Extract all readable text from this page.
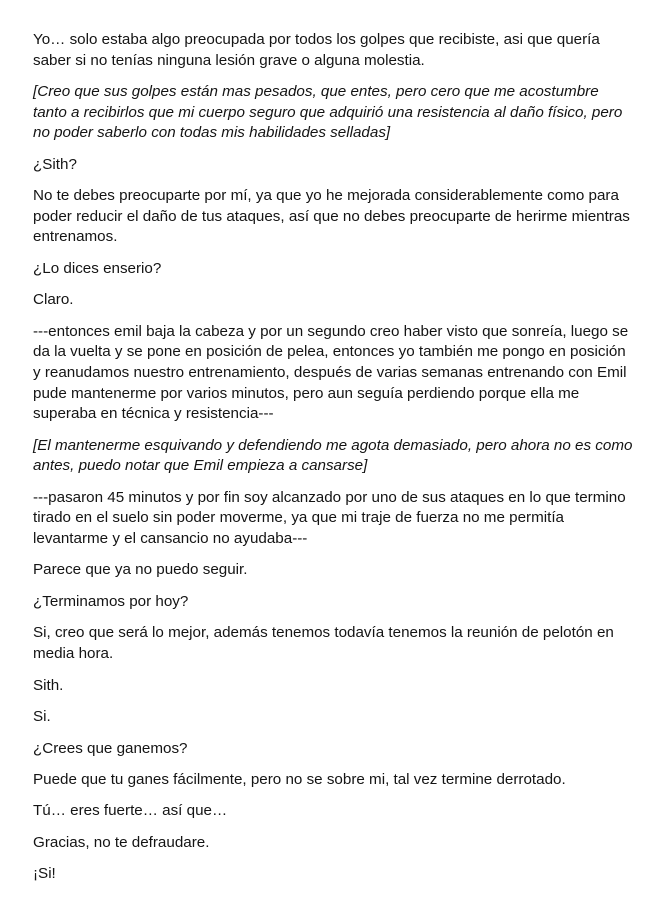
Yo… solo estaba algo preocupada por todos los golpes que recibiste, asi que quería saber si no tenías ninguna lesión grave o alguna molestia.

[Creo que sus golpes están mas pesados, que entes, pero cero que me acostumbre tanto a recibirlos que mi cuerpo seguro que adquirió una resistencia al daño físico, pero no poder saberlo con todas mis habilidades selladas]

¿Sith?

No te debes preocuparte por mí, ya que yo he mejorada considerablemente como para poder reducir el daño de tus ataques, así que no debes preocuparte de herirme mientras entrenamos.

¿Lo dices enserio?

Claro.

---entonces emil baja la cabeza y por un segundo creo haber visto que sonreía, luego se da la vuelta y se pone en posición de pelea, entonces yo también me pongo en posición y reanudamos nuestro entrenamiento, después de varias semanas entrenando con Emil pude mantenerme por varios minutos, pero aun seguía perdiendo porque ella me superaba en técnica y resistencia---

[El mantenerme esquivando y defendiendo me agota demasiado, pero ahora no es como antes, puedo notar que Emil empieza a cansarse]

---pasaron 45 minutos y por fin soy alcanzado por uno de sus ataques en lo que termino tirado en el suelo sin poder moverme, ya que mi traje de fuerza no me permitía levantarme y el cansancio no ayudaba---

Parece que ya no puedo seguir.

¿Terminamos por hoy?

Si, creo que será lo mejor, además tenemos todavía tenemos la reunión de pelotón en media hora.

Sith.

Si.

¿Crees que ganemos?

Puede que tu ganes fácilmente, pero no se sobre mi, tal vez termine derrotado.

Tú… eres fuerte… así que…

Gracias, no te defraudare.

¡Si!
